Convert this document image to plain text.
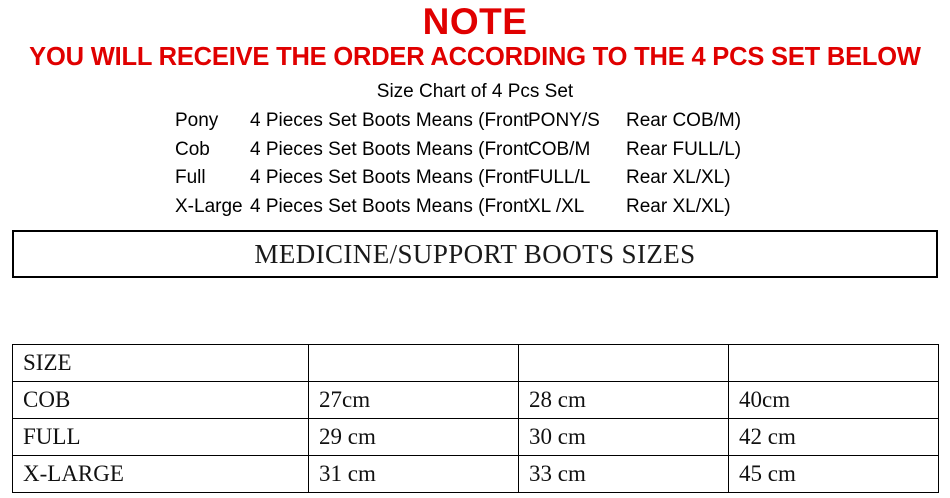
NOTE
YOU WILL RECEIVE THE ORDER ACCORDING TO THE 4 PCS SET BELOW
Size Chart of 4 Pcs Set
Pony 4 Pieces Set Boots Means (FrontPONY/S Rear COB/M)
Cob 4 Pieces Set Boots Means (FrontCOB/M Rear FULL/L)
Full 4 Pieces Set Boots Means (FrontFULL/L Rear XL/XL)
X-Large 4 Pieces Set Boots Means (FrontXL /XL Rear XL/XL)
MEDICINE/SUPPORT BOOTS SIZES
SIZE			
COB	27cm	28 cm	40cm
FULL	29 cm	30 cm	42 cm
X-LARGE	31 cm	33 cm	45 cm
